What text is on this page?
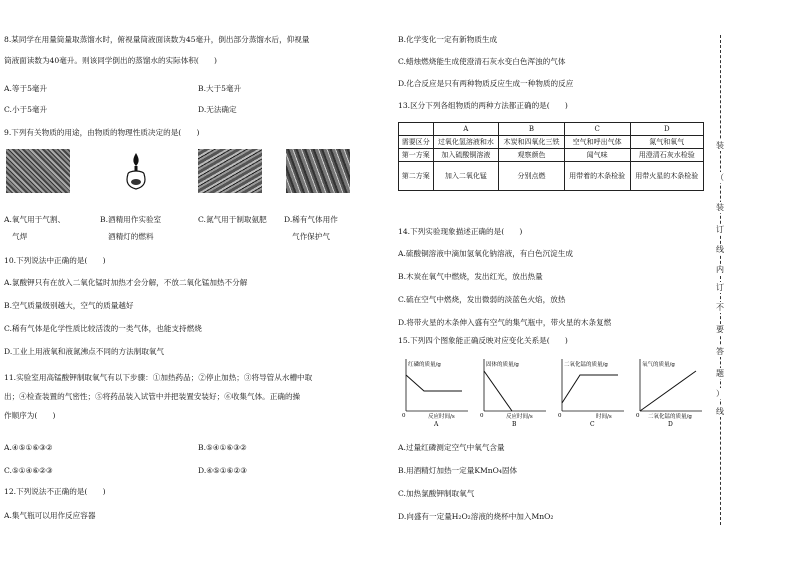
8.某同学在用量筒量取蒸馏水时，俯视量筒液面读数为45毫升，倒出部分蒸馏水后，仰视量
筒液面读数为40毫升。则该同学倒出的蒸馏水的实际体积(　　)
A.等于5毫升	B.大于5毫升
C.小于5毫升	D.无法确定
9.下列有关物质的用途，由物质的物理性质决定的是(　　)
A.氧气用于气割、
气焊
B.酒精用作实验室
酒精灯的燃料
C.氮气用于制取氨肥 D.稀有气体用作
气作保护气
10.下列说法中正确的是(　　)
A.氯酸钾只有在放入二氧化锰时加热才会分解，不放二氧化锰加热不分解
B.空气质量级别越大，空气的质量越好
C.稀有气体是化学性质比较活泼的一类气体，也能支持燃烧
D.工业上用液氧和液氮沸点不同的方法制取氧气
11.实验室用高锰酸钾制取氧气有以下步骤：①加热药品；②停止加热；③将导管从水槽中取
出；④检查装置的气密性；⑤将药品装入试管中并把装置安装好；⑥收集气体。正确的操
作顺序为(　　)
A.④⑤①⑥③②	B.⑤④①⑥③②
C.⑤①④⑥②③	D.④⑤①⑥②③
12.下列说法不正确的是(　　)
A.集气瓶可以用作反应容器
B.化学变化一定有新物质生成
C.蜡烛燃烧能生成使澄清石灰水变白色浑浊的气体
D.化合反应是只有两种物质反应生成一种物质的反应
13.区分下列各组物质的两种方法都正确的是(　　)
	A	B	C	D
需要区分	过氧化氢溶液和水	木炭和四氧化三铁	空气和呼出气体	氮气和氧气
第一方案	加入硫酸铜溶液	观察颜色	闻气味	用澄清石灰水检验
第二方案	加入二氧化锰	分别点燃	用带着的木条检验	用带火星的木条检验
14.下列实验现象描述正确的是(　　)
A.硫酸铜溶液中滴加氢氧化钠溶液，有白色沉淀生成
B.木炭在氧气中燃烧，发出红光，放出热量
C.硫在空气中燃烧，发出微弱的淡蓝色火焰，放热
D.将带火星的木条伸入盛有空气的集气瓶中，带火星的木条复燃
15.下列四个图象能正确反映对应变化关系是(　　)
红磷的质量/g
反应时间/s
0
A
固体的质量/g
反应时间/s
0
B
二氧化锰的质量/g
时间/s
0
C
氧气的质量/g
二氧化锰的质量/g
0
D
A.过量红磷测定空气中氧气含量
B.用酒精灯加热一定量KMnO₄固体
C.加热氯酸钾制取氧气
D.向盛有一定量H₂O₂溶液的烧杯中加入MnO₂
装
（
装
订
线
内
订
不
要
答
题
）
线
